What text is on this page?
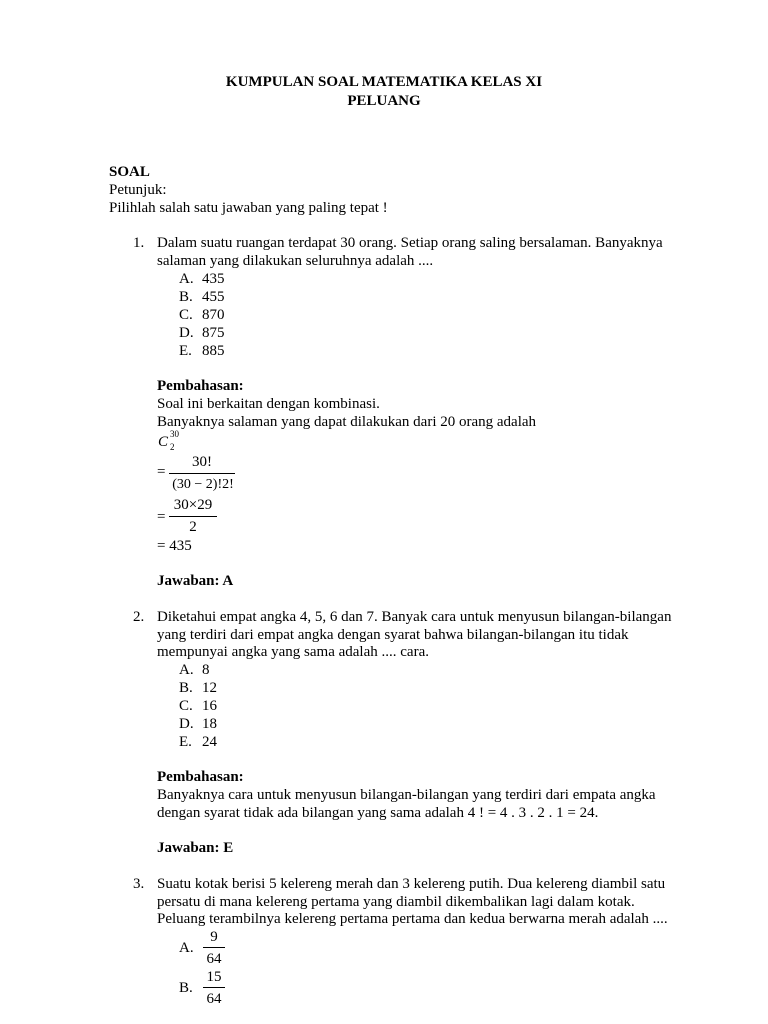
KUMPULAN SOAL MATEMATIKA KELAS XI
PELUANG
SOAL
Petunjuk:
Pilihlah salah satu jawaban yang paling tepat !
1. Dalam suatu ruangan terdapat 30 orang. Setiap orang saling bersalaman. Banyaknya
salaman yang dilakukan seluruhnya adalah ....
A. 435
B. 455
C. 870
D. 875
E. 885
Pembahasan:
Soal ini berkaitan dengan kombinasi.
Banyaknya salaman yang dapat dilakukan dari 20 orang adalah
C 30
2
=
30!
(30 − 2)!2!
=
30×29
2
= 435
Jawaban: A
2. Diketahui empat angka 4, 5, 6 dan 7. Banyak cara untuk menyusun bilangan-bilangan
yang terdiri dari empat angka dengan syarat bahwa bilangan-bilangan itu tidak
mempunyai angka yang sama adalah .... cara.
A. 8
B. 12
C. 16
D. 18
E. 24
Pembahasan:
Banyaknya cara untuk menyusun bilangan-bilangan yang terdiri dari empata angka
dengan syarat tidak ada bilangan yang sama adalah 4 ! = 4 . 3 . 2 . 1 = 24.
Jawaban: E
3. Suatu kotak berisi 5 kelereng merah dan 3 kelereng putih. Dua kelereng diambil satu
persatu di mana kelereng pertama yang diambil dikembalikan lagi dalam kotak.
Peluang terambilnya kelereng pertama pertama dan kedua berwarna merah adalah ....
A.
9
64
B.
15
64
